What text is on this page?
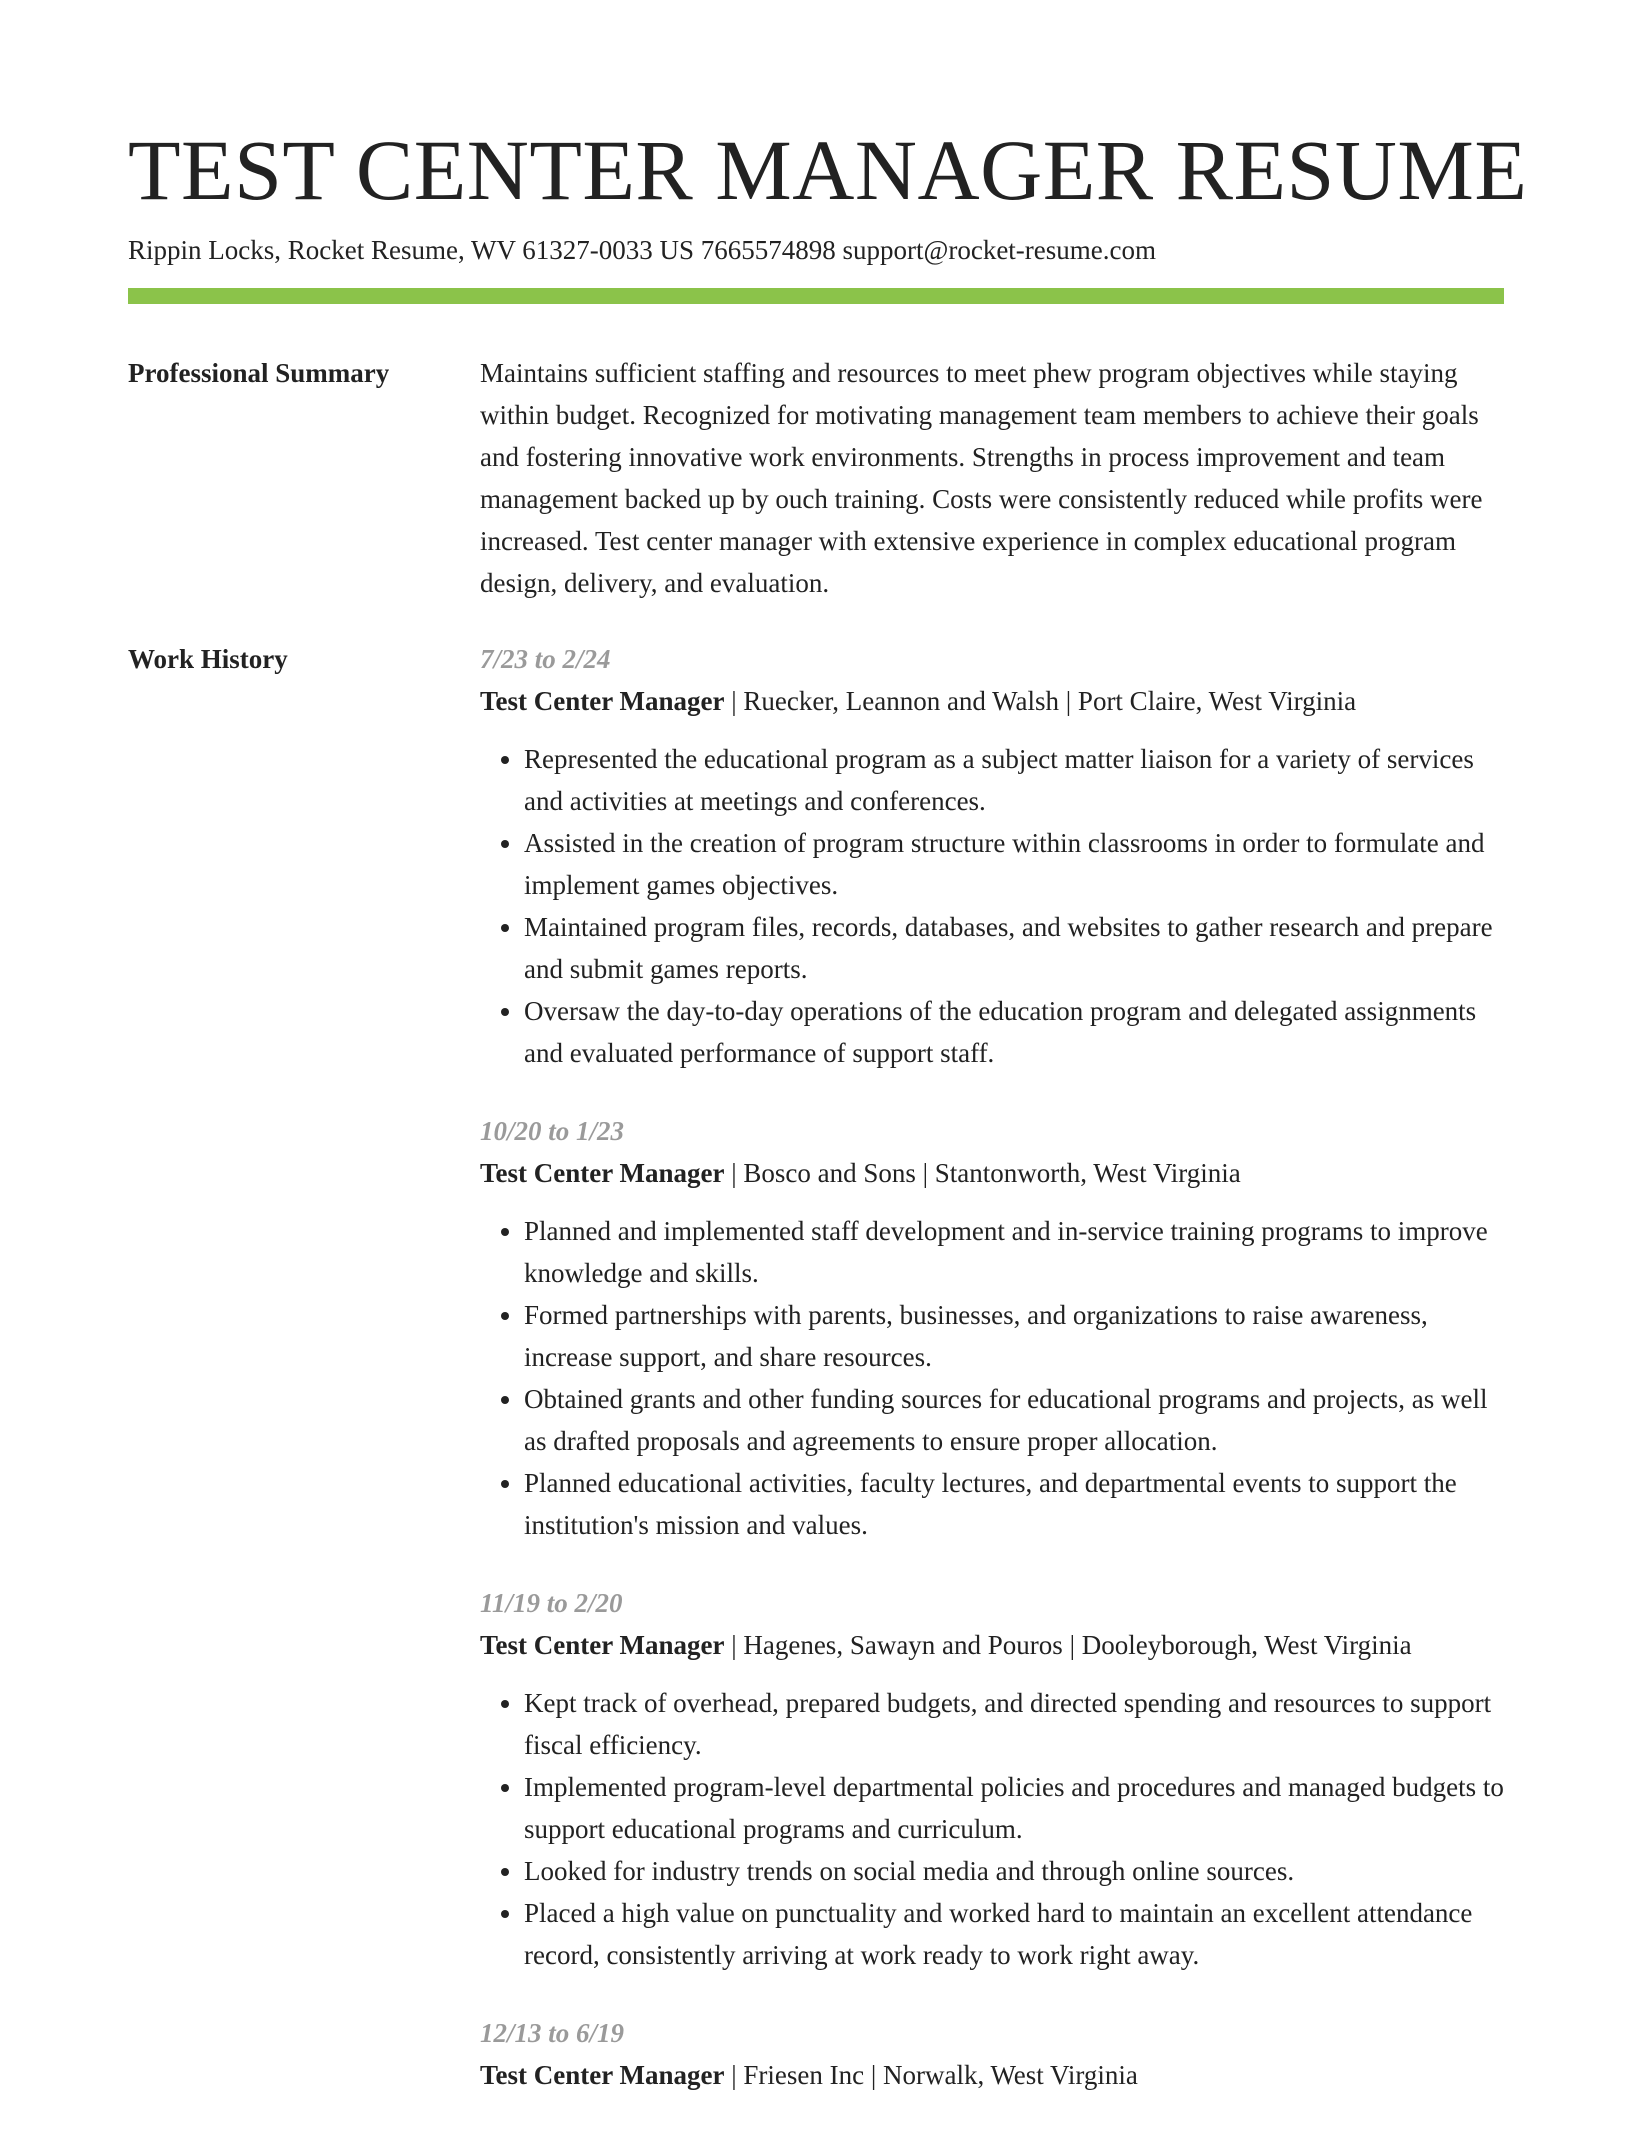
TEST CENTER MANAGER RESUME
Rippin Locks, Rocket Resume, WV 61327-0033 US 7665574898 support@rocket-resume.com
Professional Summary	Maintains sufficient staffing and resources to meet phew program objectives while staying within budget. Recognized for motivating management team members to achieve their goals and fostering innovative work environments. Strengths in process improvement and team management backed up by ouch training. Costs were consistently reduced while profits were increased. Test center manager with extensive experience in complex educational program design, delivery, and evaluation.

Work History	7/23 to 2/24
Test Center Manager | Ruecker, Leannon and Walsh | Port Claire, West Virginia
• Represented the educational program as a subject matter liaison for a variety of services and activities at meetings and conferences.
• Assisted in the creation of program structure within classrooms in order to formulate and implement games objectives.
• Maintained program files, records, databases, and websites to gather research and prepare and submit games reports.
• Oversaw the day-to-day operations of the education program and delegated assignments and evaluated performance of support staff.
10/20 to 1/23
Test Center Manager | Bosco and Sons | Stantonworth, West Virginia
• Planned and implemented staff development and in-service training programs to improve knowledge and skills.
• Formed partnerships with parents, businesses, and organizations to raise awareness, increase support, and share resources.
• Obtained grants and other funding sources for educational programs and projects, as well as drafted proposals and agreements to ensure proper allocation.
• Planned educational activities, faculty lectures, and departmental events to support the institution's mission and values.
11/19 to 2/20
Test Center Manager | Hagenes, Sawayn and Pouros | Dooleyborough, West Virginia
• Kept track of overhead, prepared budgets, and directed spending and resources to support fiscal efficiency.
• Implemented program-level departmental policies and procedures and managed budgets to support educational programs and curriculum.
• Looked for industry trends on social media and through online sources.
• Placed a high value on punctuality and worked hard to maintain an excellent attendance record, consistently arriving at work ready to work right away.
12/13 to 6/19
Test Center Manager | Friesen Inc | Norwalk, West Virginia
